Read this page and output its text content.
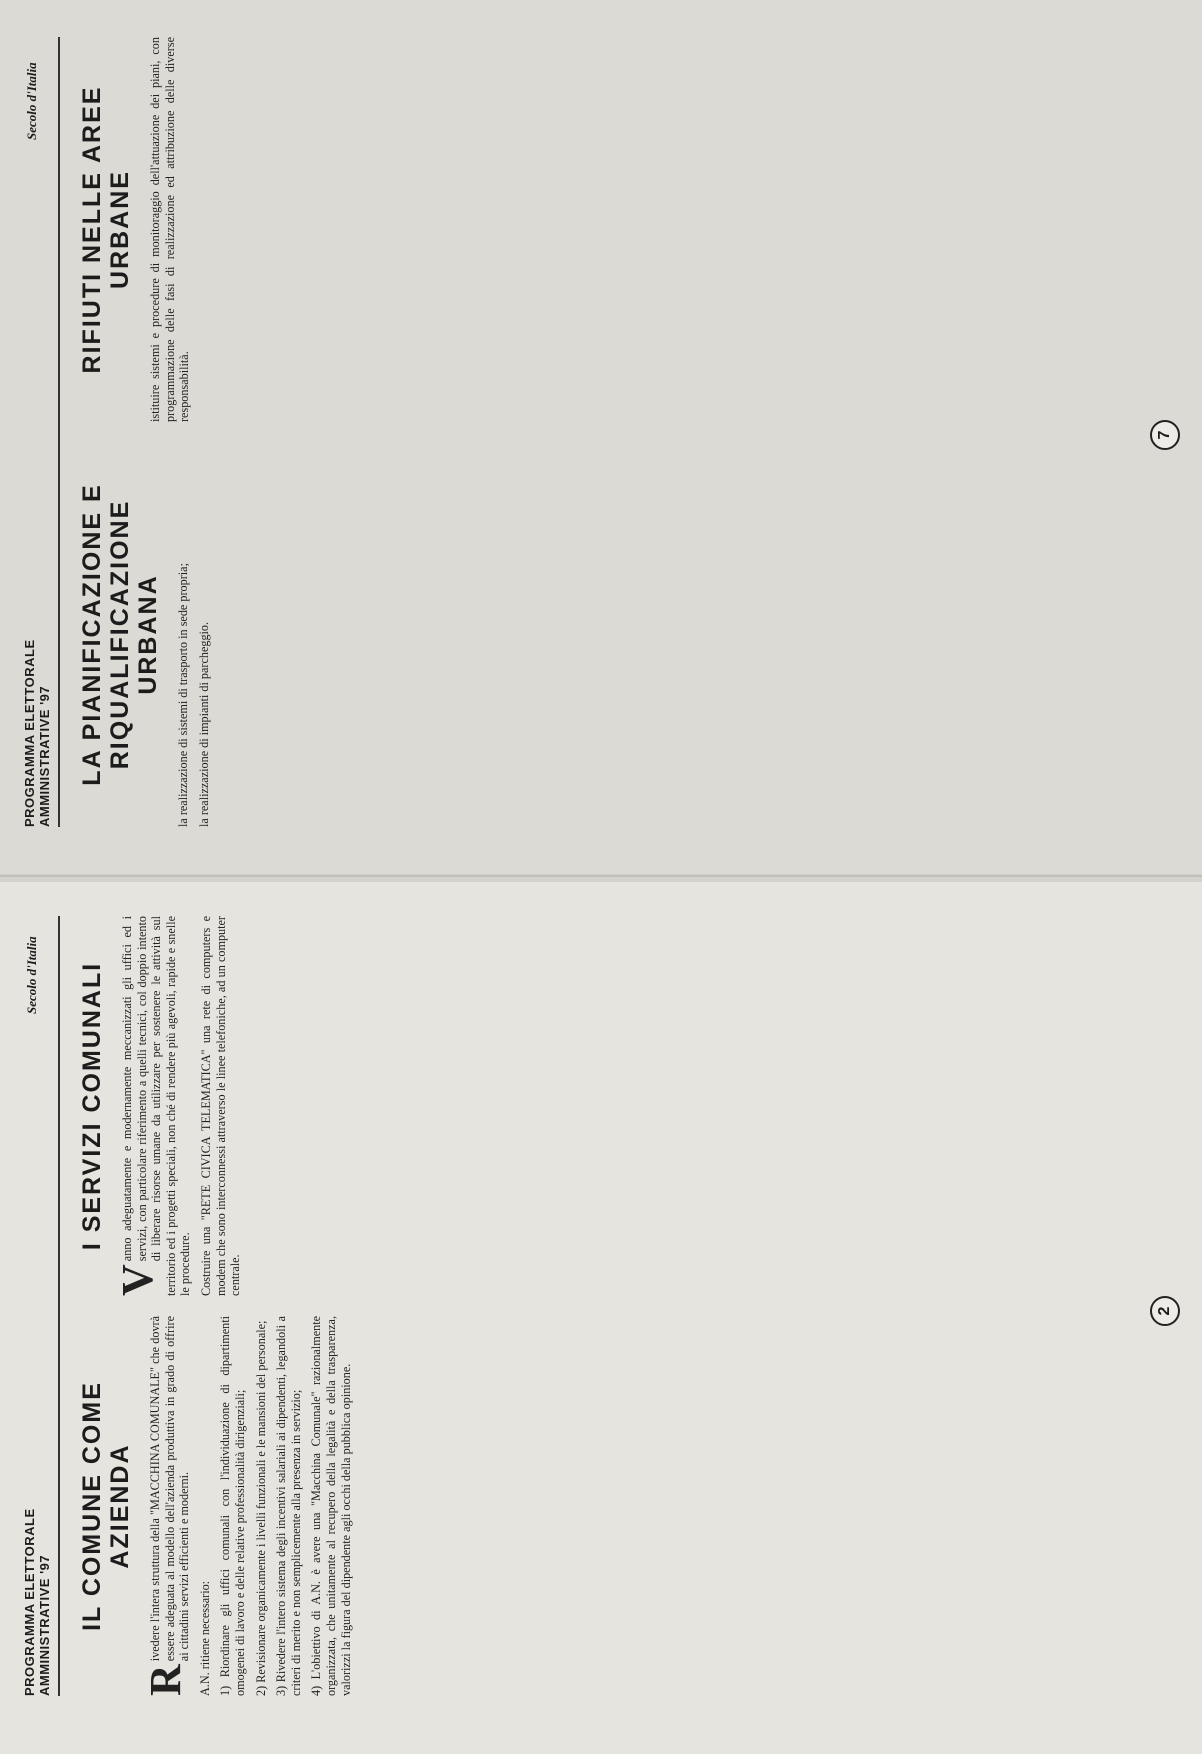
PROGRAMMA ELETTORALE AMMINISTRATIVE '97
Secolo d'Italia
IL COMUNE COME AZIENDA

Rivedere l'intera struttura della "MACCHINA COMUNALE" che dovrà essere adeguata al modello dell'azienda produttiva in grado di offrire ai cittadini servizi efficienti e moderni. A.N. ritiene necessario: 1) Riordinare gli uffici comunali con l'individuazione di dipartimenti omogenei di lavoro e delle relative professionalità dirigenziali; 2) Revisionare organicamente i livelli funzionali e le mansioni del personale; 3) Rivedere l'intero sistema degli incentivi salariali ai dipendenti, legandoli a criteri di merito e non semplicemente alla presenza in servizio; 4) L'obiettivo di A.N. è avere una "Macchina Comunale" razionalmente organizzata, che unitamente al recupero della legalità e della trasparenza, valorizzi la figura del dipendente agli occhi della pubblica opinione.

I SERVIZI COMUNALI

Vanno adeguatamente e modernamente meccanizzati gli uffici ed i servizi, con particolare riferimento a quelli tecnici, col doppio intento di liberare risorse umane da utilizzare per sostenere le attività sul territorio ed i progetti speciali, non ché di rendere più agevoli, rapide e snelle le procedure. Costruire una "RETE CIVICA TELEMATICA" una rete di computers e modem che sono interconnessi attraverso le linee telefoniche, ad un computer centrale.

2
PROGRAMMA ELETTORALE AMMINISTRATIVE '97
Secolo d'Italia
LA PIANIFICAZIONE E RIQUALIFICAZIONE URBANA la realizzazione di sistemi di trasporto in sede propria; la realizzazione di impianti di parcheggio.

RIFIUTI NELLE AREE URBANE istituire sistemi e procedure di monitoraggio dell'attuazione dei piani, con programmazione delle fasi di realizzazione ed attribuzione delle diverse responsabilità.

7
